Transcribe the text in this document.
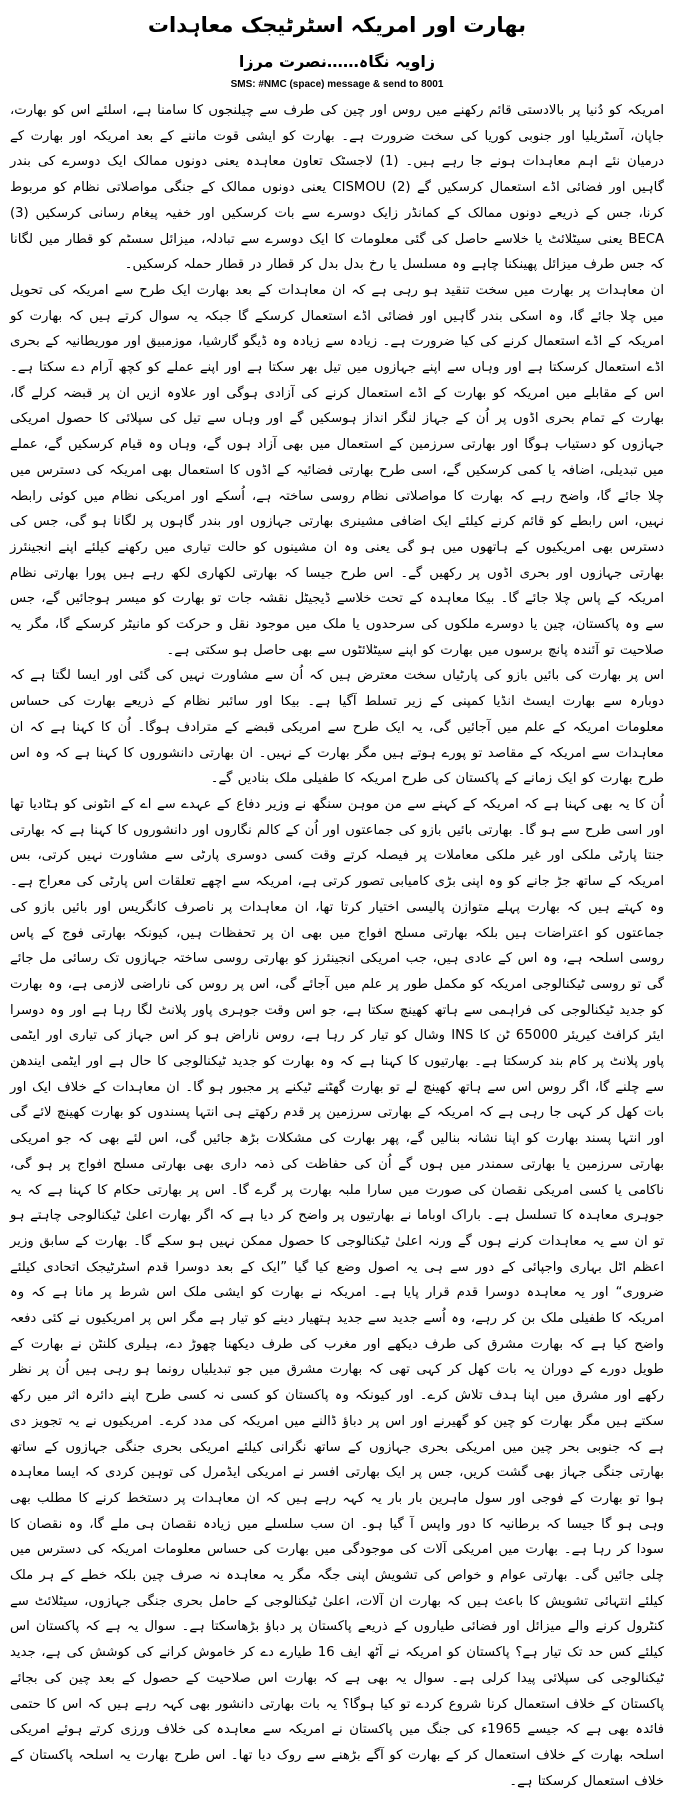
بھارت اور امریکہ اسٹرٹیجک معاہدات
زاویہ نگاہ……نصرت مرزا
SMS: #NMC (space) message & send to 8001

امریکہ کو دُنیا پر بالادستی قائم رکھنے میں روس اور چین کی طرف سے چیلنجوں کا سامنا ہے، اسلئے اس کو بھارت، جاپان، آسٹریلیا اور جنوبی کوریا کی سخت ضرورت ہے۔ بھارت کو ایشی قوت ماننے کے بعد امریکہ اور بھارت کے درمیان نئے اہم معاہدات ہونے جا رہے ہیں۔ (1) لاجسٹک تعاون معاہدہ یعنی دونوں ممالک ایک دوسرے کی بندر گاہیں اور فضائی اڈے استعمال کرسکیں گے (2) CISMOU یعنی دونوں ممالک کے جنگی مواصلاتی نظام کو مربوط کرنا، جس کے ذریعے دونوں ممالک کے کمانڈر زایک دوسرے سے بات کرسکیں اور خفیہ پیغام رسانی کرسکیں (3) BECA یعنی سیٹلائٹ یا خلاسے حاصل کی گئی معلومات کا ایک دوسرے سے تبادلہ، میزائل سسٹم کو قطار میں لگانا کہ جس طرف میزائل پھینکنا چاہے وہ مسلسل یا رخ بدل بدل کر قطار در قطار حملہ کرسکیں۔

ان معاہدات پر بھارت میں سخت تنقید ہو رہی ہے کہ ان معاہدات کے بعد بھارت ایک طرح سے امریکہ کی تحویل میں چلا جائے گا، وہ اسکی بندر گاہیں اور فضائی اڈے استعمال کرسکے گا جبکہ یہ سوال کرتے ہیں کہ بھارت کو امریکہ کے اڈے استعمال کرنے کی کیا ضرورت ہے۔ زیادہ سے زیادہ وہ ڈیگو گارشیا، موزمبیق اور موریطانیہ کے بحری اڈے استعمال کرسکتا ہے اور وہاں سے اپنے جہازوں میں تیل بھر سکتا ہے اور اپنے عملے کو کچھ آرام دے سکتا ہے۔ اس کے مقابلے میں امریکہ کو بھارت کے اڈے استعمال کرنے کی آزادی ہوگی اور علاوہ ازیں ان پر قبضہ کرلے گا، بھارت کے تمام بحری اڈوں پر اُن کے جہاز لنگر انداز ہوسکیں گے اور وہاں سے تیل کی سپلائی کا حصول امریکی جہازوں کو دستیاب ہوگا اور بھارتی سرزمین کے استعمال میں بھی آزاد ہوں گے، وہاں وہ قیام کرسکیں گے، عملے میں تبدیلی، اضافہ یا کمی کرسکیں گے، اسی طرح بھارتی فضائیہ کے اڈوں کا استعمال بھی امریکہ کی دسترس میں چلا جائے گا، واضح رہے کہ بھارت کا مواصلاتی نظام روسی ساختہ ہے، اُسکے اور امریکی نظام میں کوئی رابطہ نہیں، اس رابطے کو قائم کرنے کیلئے ایک اضافی مشینری بھارتی جہازوں اور بندر گاہوں پر لگانا ہو گی، جس کی دسترس بھی امریکیوں کے ہاتھوں میں ہو گی یعنی وہ ان مشینوں کو حالت تیاری میں رکھنے کیلئے اپنے انجینئرز بھارتی جہازوں اور بحری اڈوں پر رکھیں گے۔ اس طرح جیسا کہ بھارتی لکھاری لکھ رہے ہیں پورا بھارتی نظام امریکہ کے پاس چلا جائے گا۔ بیکا معاہدہ کے تحت خلاسے ڈیجیٹل نقشہ جات تو بھارت کو میسر ہوجائیں گے، جس سے وہ پاکستان، چین یا دوسرے ملکوں کی سرحدوں یا ملک میں موجود نقل و حرکت کو مانیٹر کرسکے گا، مگر یہ صلاحیت تو آئندہ پانچ برسوں میں بھارت کو اپنے سیٹلائٹوں سے بھی حاصل ہو سکتی ہے۔

اس پر بھارت کی بائیں بازو کی پارٹیاں سخت معترض ہیں کہ اُن سے مشاورت نہیں کی گئی اور ایسا لگتا ہے کہ دوبارہ سے بھارت ایسٹ انڈیا کمپنی کے زیر تسلط آگیا ہے۔ بیکا اور سائبر نظام کے ذریعے بھارت کی حساس معلومات امریکہ کے علم میں آجائیں گی، یہ ایک طرح سے امریکی قبضے کے مترادف ہوگا۔ اُن کا کہنا ہے کہ ان معاہدات سے امریکہ کے مقاصد تو پورے ہوتے ہیں مگر بھارت کے نہیں۔ ان بھارتی دانشوروں کا کہنا ہے کہ وہ اس طرح بھارت کو ایک زمانے کے پاکستان کی طرح امریکہ کا طفیلی ملک بنادیں گے۔

اُن کا یہ بھی کہنا ہے کہ امریکہ کے کہنے سے من موہن سنگھ نے وزیر دفاع کے عہدے سے اے کے انٹونی کو ہٹادیا تھا اور اسی طرح سے ہو گا۔ بھارتی بائیں بازو کی جماعتوں اور اُن کے کالم نگاروں اور دانشوروں کا کہنا ہے کہ بھارتی جنتا پارٹی ملکی اور غیر ملکی معاملات پر فیصلہ کرتے وقت کسی دوسری پارٹی سے مشاورت نہیں کرتی، بس امریکہ کے ساتھ جڑ جانے کو وہ اپنی بڑی کامیابی تصور کرتی ہے، امریکہ سے اچھے تعلقات اس پارٹی کی معراج ہے۔ وہ کہتے ہیں کہ بھارت پہلے متوازن پالیسی اختیار کرتا تھا، ان معاہدات پر ناصرف کانگریس اور بائیں بازو کی جماعتوں کو اعتراضات ہیں بلکہ بھارتی مسلح افواج میں بھی ان پر تحفظات ہیں، کیونکہ بھارتی فوج کے پاس روسی اسلحہ ہے، وہ اس کے عادی ہیں، جب امریکی انجینئرز کو بھارتی روسی ساختہ جہازوں تک رسائی مل جائے گی تو روسی ٹیکنالوجی امریکہ کو مکمل طور پر علم میں آجائے گی، اس پر روس کی ناراضی لازمی ہے، وہ بھارت کو جدید ٹیکنالوجی کی فراہمی سے ہاتھ کھینچ سکتا ہے، جو اس وقت جوہری پاور پلانٹ لگا رہا ہے اور وہ دوسرا ایئر کرافٹ کیریئر 65000 ٹن کا INS وشال کو تیار کر رہا ہے، روس ناراض ہو کر اس جہاز کی تیاری اور ایٹمی پاور پلانٹ پر کام بند کرسکتا ہے۔ بھارتیوں کا کہنا ہے کہ وہ بھارت کو جدید ٹیکنالوجی کا حال ہے اور ایٹمی ایندھن سے چلنے گا، اگر روس اس سے ہاتھ کھینچ لے تو بھارت گھٹنے ٹیکنے پر مجبور ہو گا۔ ان معاہدات کے خلاف ایک اور بات کھل کر کہی جا رہی ہے کہ امریکہ کے بھارتی سرزمین پر قدم رکھتے ہی انتہا پسندوں کو بھارت کھینچ لائے گی اور انتہا پسند بھارت کو اپنا نشانہ بنالیں گے، پھر بھارت کی مشکلات بڑھ جائیں گی، اس لئے بھی کہ جو امریکی بھارتی سرزمین یا بھارتی سمندر میں ہوں گے اُن کی حفاظت کی ذمہ داری بھی بھارتی مسلح افواج پر ہو گی، ناکامی یا کسی امریکی نقصان کی صورت میں سارا ملبہ بھارت پر گرے گا۔ اس پر بھارتی حکام کا کہنا ہے کہ یہ جوہری معاہدہ کا تسلسل ہے۔ باراک اوباما نے بھارتیوں پر واضح کر دیا ہے کہ اگر بھارت اعلیٰ ٹیکنالوجی چاہتے ہو تو ان سے یہ معاہدات کرنے ہوں گے ورنہ اعلیٰ ٹیکنالوجی کا حصول ممکن نہیں ہو سکے گا۔ بھارت کے سابق وزیر اعظم اٹل بہاری واجپائی کے دور سے ہی یہ اصول وضع کیا گیا ”ایک کے بعد دوسرا قدم اسٹرٹیجک اتحادی کیلئے ضروری“ اور یہ معاہدہ دوسرا قدم قرار پایا ہے۔ امریکہ نے بھارت کو ایشی ملک اس شرط پر مانا ہے کہ وہ امریکہ کا طفیلی ملک بن کر رہے، وہ اُسے جدید سے جدید ہتھیار دینے کو تیار ہے مگر اس پر امریکیوں نے کئی دفعہ واضح کیا ہے کہ بھارت مشرق کی طرف دیکھے اور مغرب کی طرف دیکھنا چھوڑ دے، ہیلری کلنٹن نے بھارت کے طویل دورے کے دوران یہ بات کھل کر کہی تھی کہ بھارت مشرق میں جو تبدیلیاں رونما ہو رہی ہیں اُن پر نظر رکھے اور مشرق میں اپنا ہدف تلاش کرے۔ اور کیونکہ وہ پاکستان کو کسی نہ کسی طرح اپنے دائرہ اثر میں رکھ سکتے ہیں مگر بھارت کو چین کو گھیرنے اور اس پر دباؤ ڈالنے میں امریکہ کی مدد کرے۔ امریکیوں نے یہ تجویز دی ہے کہ جنوبی بحر چین میں امریکی بحری جہازوں کے ساتھ نگرانی کیلئے امریکی بحری جنگی جہازوں کے ساتھ بھارتی جنگی جہاز بھی گشت کریں، جس پر ایک بھارتی افسر نے امریکی ایڈمرل کی توہین کردی کہ ایسا معاہدہ ہوا تو بھارت کے فوجی اور سول ماہرین بار بار یہ کہہ رہے ہیں کہ ان معاہدات پر دستخط کرنے کا مطلب بھی وہی ہو گا جیسا کہ برطانیہ کا دور واپس آ گیا ہو۔ ان سب سلسلے میں زیادہ نقصان ہی ملے گا، وہ نقصان کا سودا کر رہا ہے۔ بھارت میں امریکی آلات کی موجودگی میں بھارت کی حساس معلومات امریکہ کی دسترس میں چلی جائیں گی۔ بھارتی عوام و خواص کی تشویش اپنی جگہ مگر یہ معاہدہ نہ صرف چین بلکہ خطے کے ہر ملک کیلئے انتہائی تشویش کا باعث ہیں کہ بھارت ان آلات، اعلیٰ ٹیکنالوجی کے حامل بحری جنگی جہازوں، سیٹلائٹ سے کنٹرول کرنے والے میزائل اور فضائی طیاروں کے ذریعے پاکستان پر دباؤ بڑھاسکتا ہے۔ سوال یہ ہے کہ پاکستان اس کیلئے کس حد تک تیار ہے؟ پاکستان کو امریکہ نے آٹھ ایف 16 طیارے دے کر خاموش کرانے کی کوشش کی ہے، جدید ٹیکنالوجی کی سپلائی پیدا کرلی ہے۔ سوال یہ بھی ہے کہ بھارت اس صلاحیت کے حصول کے بعد چین کی بجائے پاکستان کے خلاف استعمال کرنا شروع کردے تو کیا ہوگا؟ یہ بات بھارتی دانشور بھی کہہ رہے ہیں کہ اس کا حتمی فائدہ بھی ہے کہ جیسے 1965ء کی جنگ میں پاکستان نے امریکہ سے معاہدہ کی خلاف ورزی کرتے ہوئے امریکی اسلحہ بھارت کے خلاف استعمال کر کے بھارت کو آگے بڑھنے سے روک دیا تھا۔ اس طرح بھارت یہ اسلحہ پاکستان کے خلاف استعمال کرسکتا ہے۔
